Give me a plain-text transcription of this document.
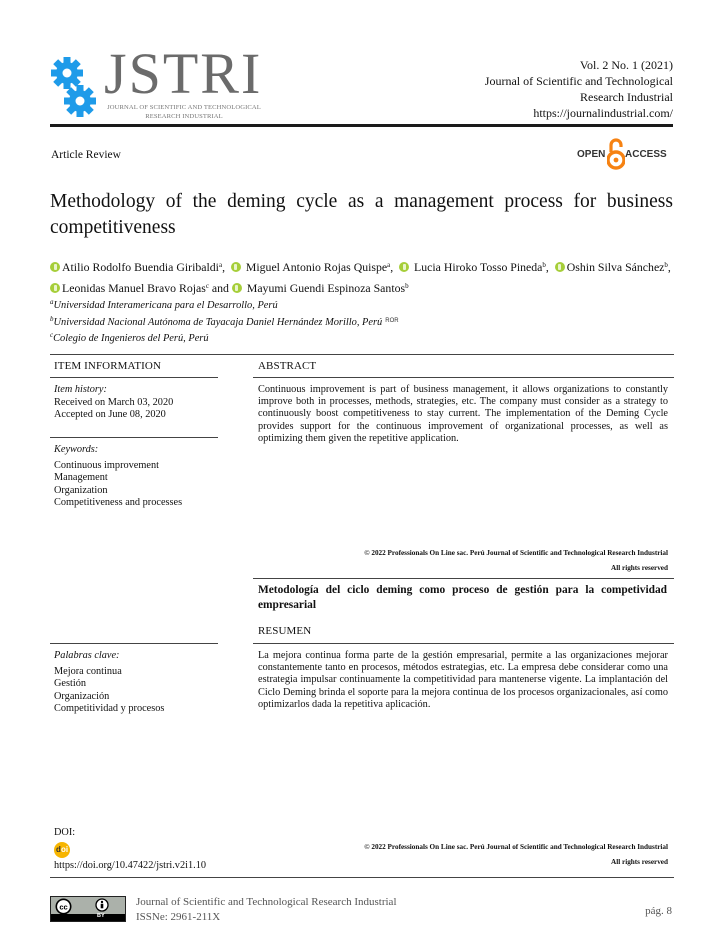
JSTRI
JOURNAL OF SCIENTIFIC AND TECHNOLOGICAL
RESEARCH INDUSTRIAL
Vol. 2 No. 1 (2021)
Journal of Scientific and Technological
Research Industrial
https://journalindustrial.com/
Article Review	OPEN ACCESS
Methodology of the deming cycle as a management process for business competitiveness
Atilio Rodolfo Buendia Giribaldi$^a$,   Miguel Antonio Rojas Quispe$^a$,   Lucia Hiroko Tosso Pineda$^b$,  Oshin Silva Sánchez$^b$,
Leonidas Manuel Bravo Rojas$^c$ and  Mayumi Guendi Espinoza Santos$^b$
$^a$Universidad Interamericana para el Desarrollo, Perú
$^b$Universidad Nacional Autónoma de Tayacaja Daniel Hernández Morillo, Perú $^{ROR}$
$^c$Colegio de Ingenieros del Perú, Perú
ITEM INFORMATION	ABSTRACT
Item history:
Received on March 03, 2020
Accepted on June 08, 2020
Keywords:
Continuous improvement
Management
Organization
Competitiveness and processes
Continuous improvement is part of business management, it allows organizations to constantly improve both in processes, methods, strategies, etc. The company must consider as a strategy to continuously boost competitiveness to stay current. The implementation of the Deming Cycle provides support for the continuous improvement of organizational processes, as well as optimizing them given the repetitive application.
© 2022 Professionals On Line sac. Perú Journal of Scientific and Technological Research Industrial
All rights reserved
Metodología del ciclo deming como proceso de gestión para la competividad empresarial
RESUMEN
Palabras clave:
Mejora continua
Gestión
Organización
Competitividad y procesos
La mejora continua forma parte de la gestión empresarial, permite a las organizaciones mejorar constantemente tanto en procesos, métodos estrategias, etc. La empresa debe considerar como una estrategia impulsar continuamente la competitividad para mantenerse vigente. La implantación del Ciclo Deming brinda el soporte para la mejora continua de los procesos organizacionales, así como optimizarlos dada la repetitiva aplicación.
DOI:
d oi
https://doi.org/10.47422/jstri.v2i1.10
© 2022 Professionals On Line sac. Perú Journal of Scientific and Technological Research Industrial
All rights reserved
cc
BY
Journal of Scientific and Technological Research Industrial
ISSNe: 2961-211X	pág. 8
